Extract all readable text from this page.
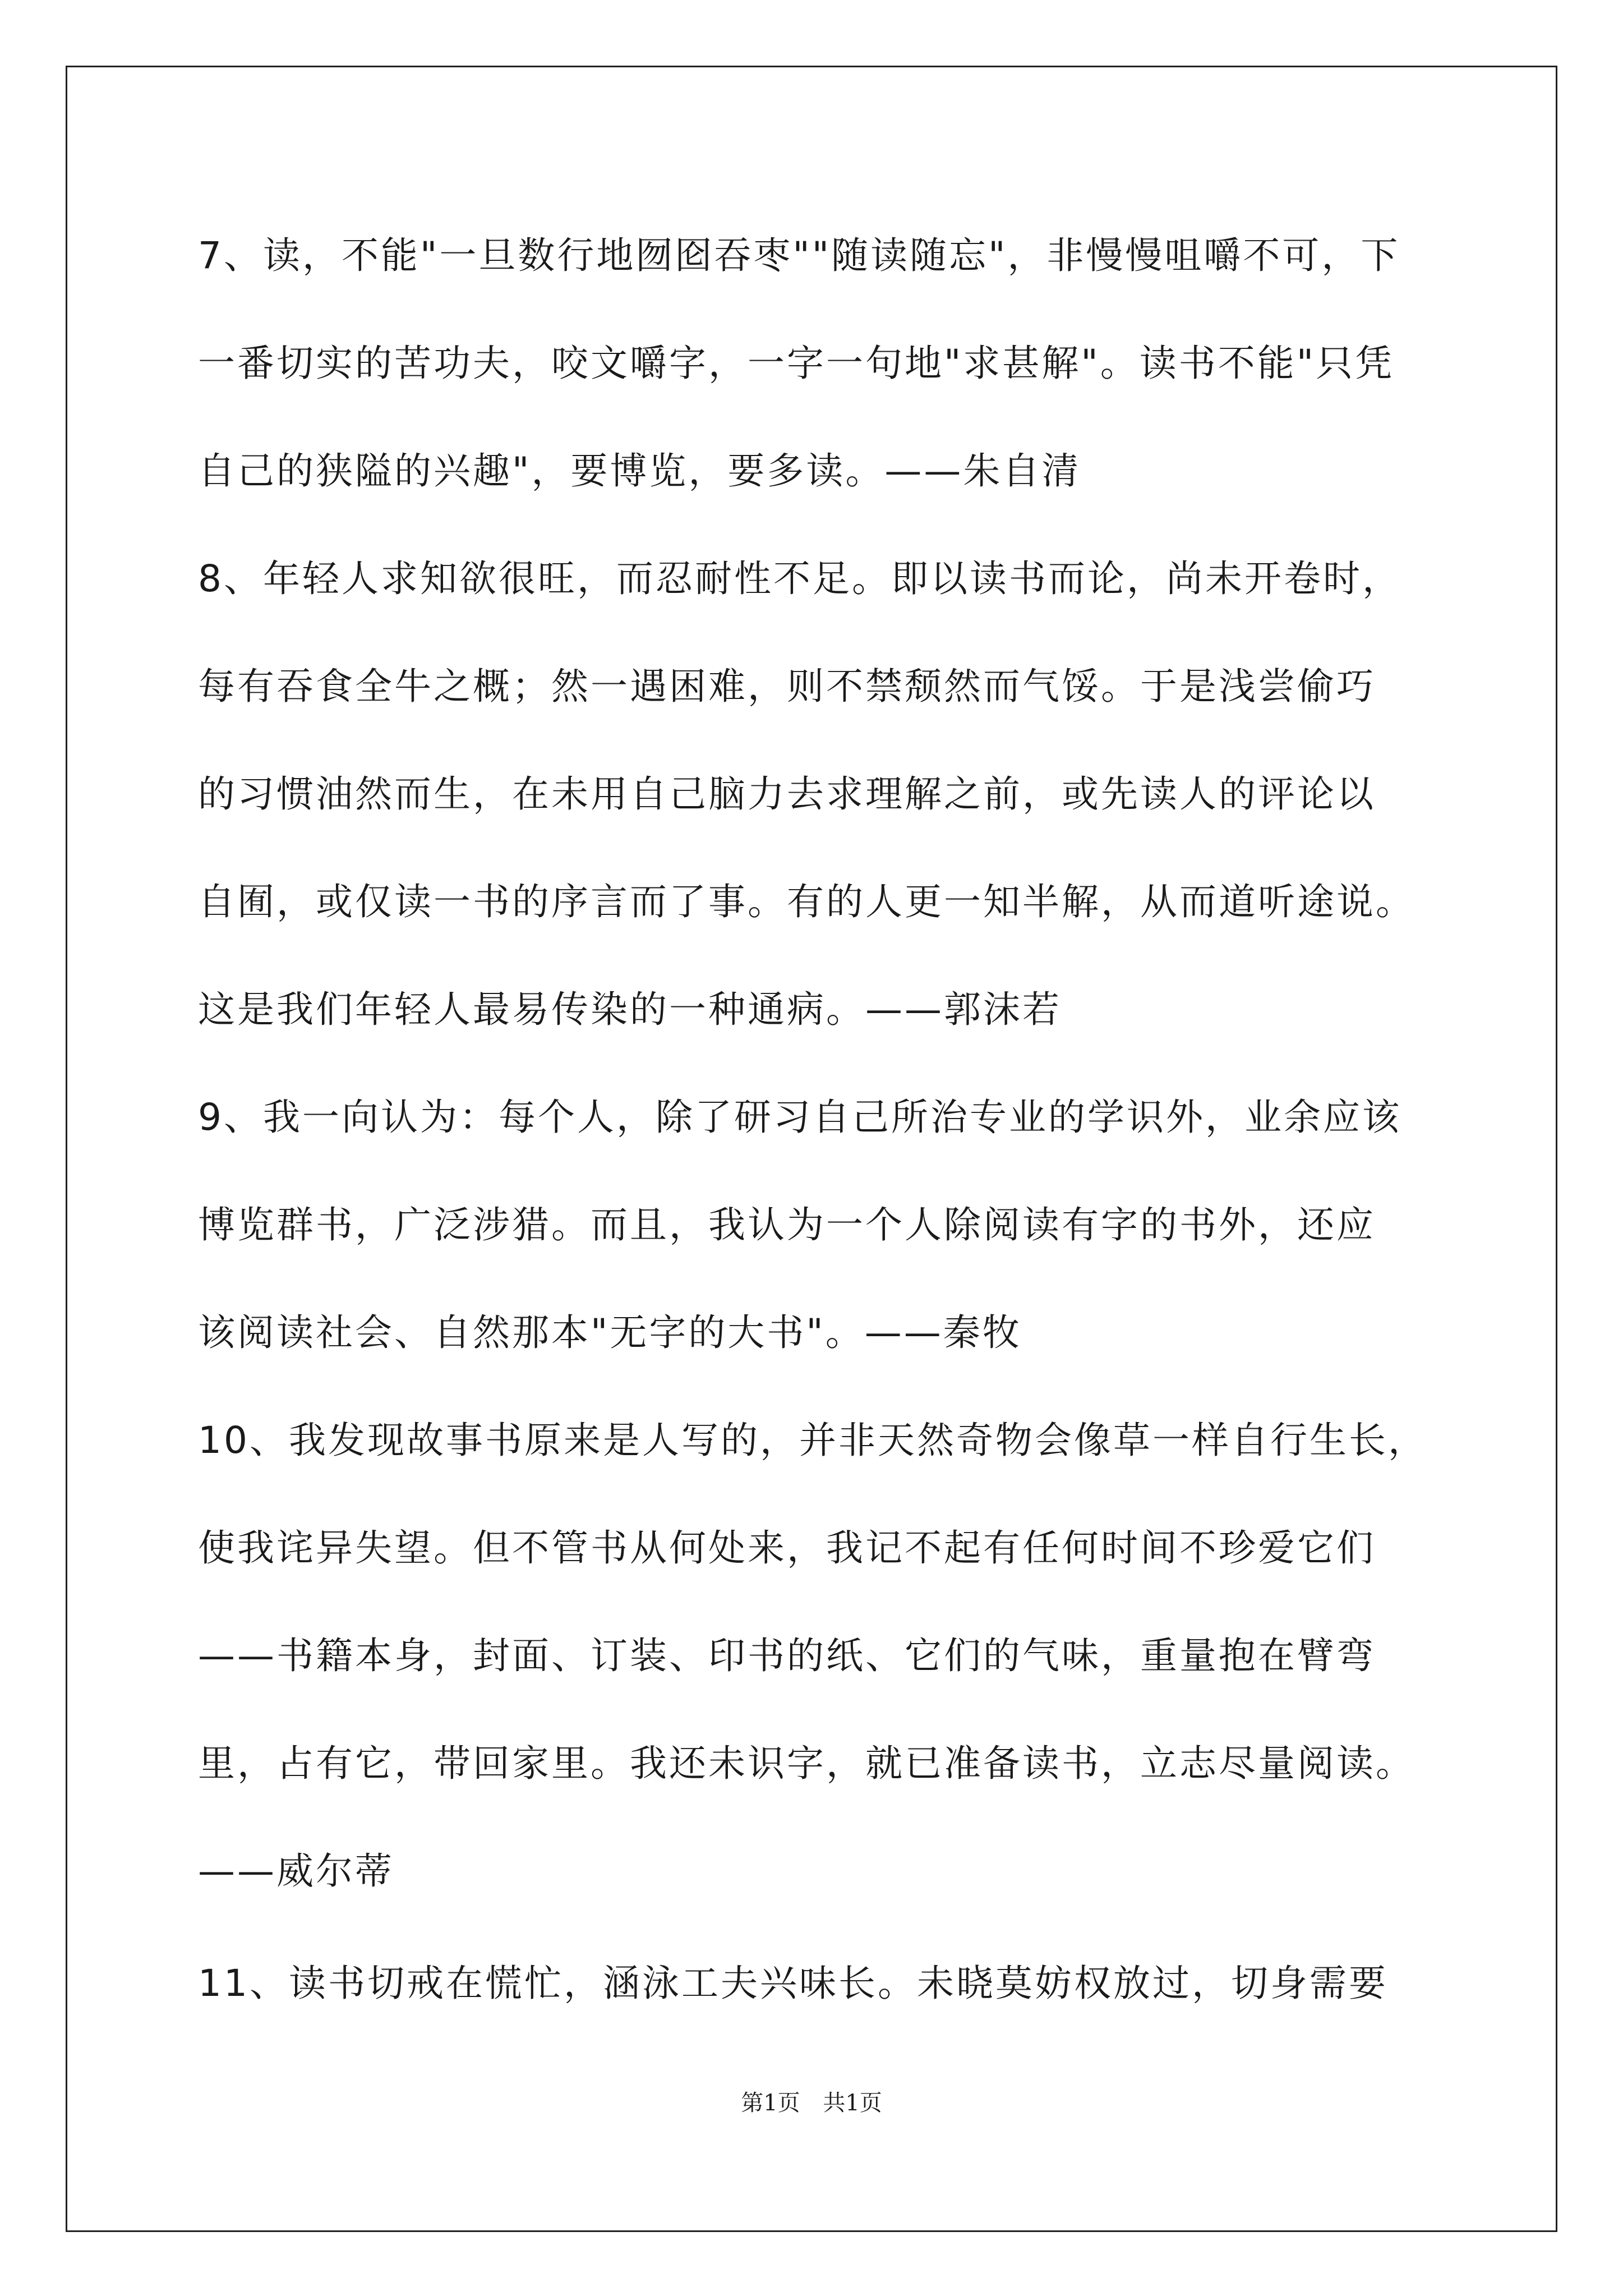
7、读，不能"一旦数行地囫囵吞枣""随读随忘"，非慢慢咀嚼不可，下
一番切实的苦功夫，咬文嚼字，一字一句地"求甚解"。读书不能"只凭
自己的狭隘的兴趣"，要博览，要多读。——朱自清
8、年轻人求知欲很旺，而忍耐性不足。即以读书而论，尚未开卷时，
每有吞食全牛之概；然一遇困难，则不禁颓然而气馁。于是浅尝偷巧
的习惯油然而生，在未用自己脑力去求理解之前，或先读人的评论以
自囿，或仅读一书的序言而了事。有的人更一知半解，从而道听途说。
这是我们年轻人最易传染的一种通病。——郭沫若
9、我一向认为：每个人，除了研习自己所治专业的学识外，业余应该
博览群书，广泛涉猎。而且，我认为一个人除阅读有字的书外，还应
该阅读社会、自然那本"无字的大书"。——秦牧
10、我发现故事书原来是人写的，并非天然奇物会像草一样自行生长，
使我诧异失望。但不管书从何处来，我记不起有任何时间不珍爱它们
——书籍本身，封面、订装、印书的纸、它们的气味，重量抱在臂弯
里，占有它，带回家里。我还未识字，就已准备读书，立志尽量阅读。
——威尔蒂
11、读书切戒在慌忙，涵泳工夫兴味长。未晓莫妨权放过，切身需要
第1页 共1页
